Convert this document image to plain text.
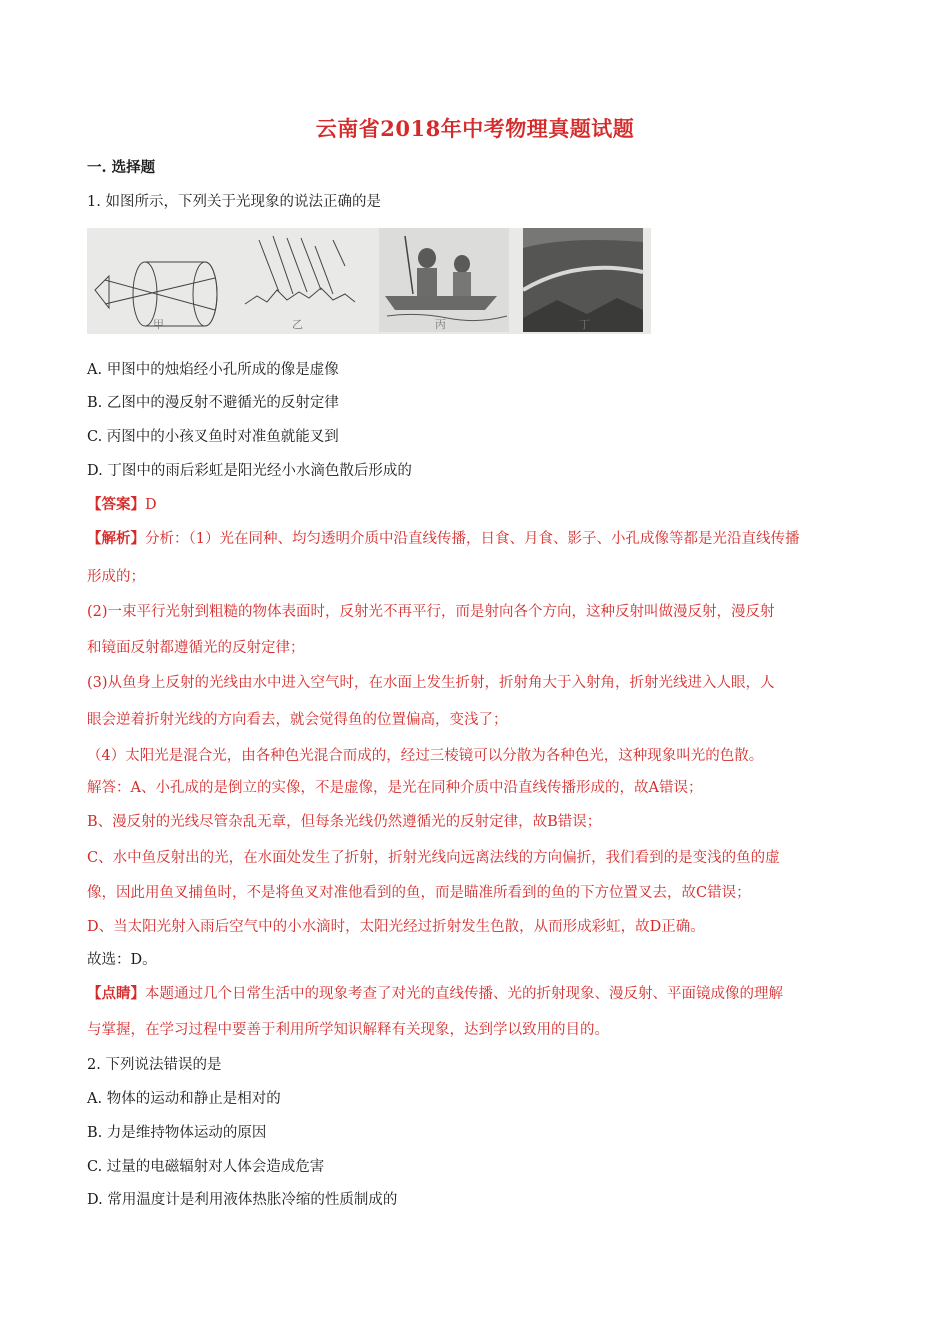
云南省2018年中考物理真题试题
一. 选择题
1. 如图所示，下列关于光现象的说法正确的是
甲	乙	丙	丁
A. 甲图中的烛焰经小孔所成的像是虚像
B. 乙图中的漫反射不避循光的反射定律
C. 丙图中的小孩叉鱼时对准鱼就能叉到
D. 丁图中的雨后彩虹是阳光经小水滴色散后形成的
【答案】D
【解析】分析：（1）光在同种、均匀透明介质中沿直线传播，日食、月食、影子、小孔成像等都是光沿直线传播
形成的；
(2)一束平行光射到粗糙的物体表面时，反射光不再平行，而是射向各个方向，这种反射叫做漫反射，漫反射
和镜面反射都遵循光的反射定律；
(3)从鱼身上反射的光线由水中进入空气时，在水面上发生折射，折射角大于入射角，折射光线进入人眼，人
眼会逆着折射光线的方向看去，就会觉得鱼的位置偏高，变浅了；
（4）太阳光是混合光，由各种色光混合而成的，经过三棱镜可以分散为各种色光，这种现象叫光的色散。
解答：A、小孔成的是倒立的实像，不是虚像，是光在同种介质中沿直线传播形成的，故A错误；
B、漫反射的光线尽管杂乱无章，但每条光线仍然遵循光的反射定律，故B错误；
C、水中鱼反射出的光，在水面处发生了折射，折射光线向远离法线的方向偏折，我们看到的是变浅的鱼的虚
像，因此用鱼叉捕鱼时，不是将鱼叉对准他看到的鱼，而是瞄准所看到的鱼的下方位置叉去，故C错误；
D、当太阳光射入雨后空气中的小水滴时，太阳光经过折射发生色散，从而形成彩虹，故D正确。
故选：D。
【点睛】本题通过几个日常生活中的现象考查了对光的直线传播、光的折射现象、漫反射、平面镜成像的理解
与掌握，在学习过程中要善于利用所学知识解释有关现象，达到学以致用的目的。
2. 下列说法错误的是
A. 物体的运动和静止是相对的
B. 力是维持物体运动的原因
C. 过量的电磁辐射对人体会造成危害
D. 常用温度计是利用液体热胀冷缩的性质制成的
